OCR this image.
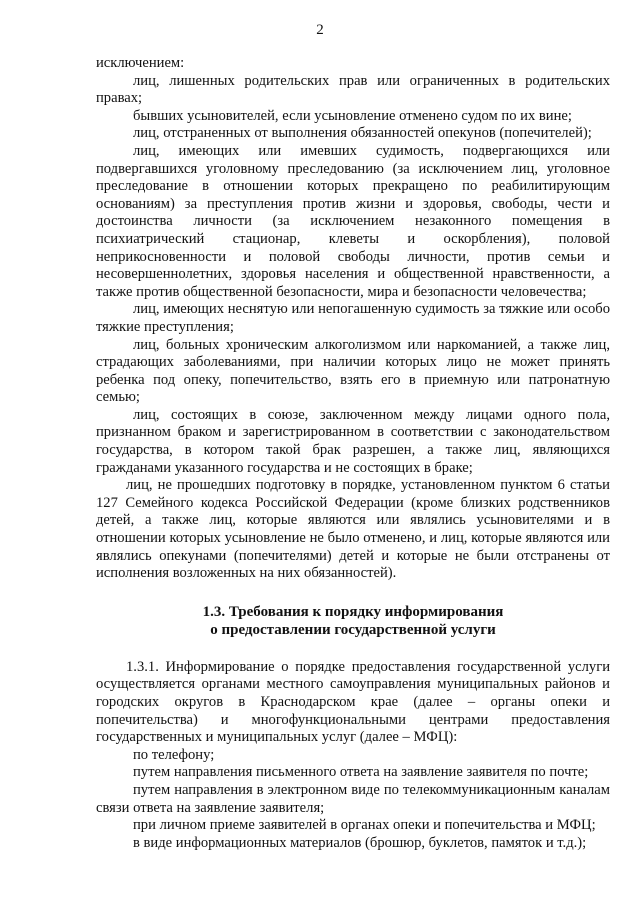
2

исключением:

лиц, лишенных родительских прав или ограниченных в родительских правах;

бывших усыновителей, если усыновление отменено судом по их вине;

лиц, отстраненных от выполнения обязанностей опекунов (попечителей);

лиц, имеющих или имевших судимость, подвергающихся или подвергавшихся уголовному преследованию (за исключением лиц, уголовное преследование в отношении которых прекращено по реабилитирующим основаниям) за преступления против жизни и здоровья, свободы, чести и достоинства личности (за исключением незаконного помещения в психиатрический стационар, клеветы и оскорбления), половой неприкосновенности и половой свободы личности, против семьи и несовершеннолетних, здоровья населения и общественной нравственности, а также против общественной безопасности, мира и безопасности человечества;

лиц, имеющих неснятую или непогашенную судимость за тяжкие или особо тяжкие преступления;

лиц, больных хроническим алкоголизмом или наркоманией, а также лиц, страдающих заболеваниями, при наличии которых лицо не может принять ребенка под опеку, попечительство, взять его в приемную или патронатную семью;

лиц, состоящих в союзе, заключенном между лицами одного пола, признанном браком и зарегистрированном в соответствии с законодательством государства, в котором такой брак разрешен, а также лиц, являющихся гражданами указанного государства и не состоящих в браке;

лиц, не прошедших подготовку в порядке, установленном пунктом 6 статьи 127 Семейного кодекса Российской Федерации (кроме близких родственников детей, а также лиц, которые являются или являлись усыновителями и в отношении которых усыновление не было отменено, и лиц, которые являются или являлись опекунами (попечителями) детей и которые не были отстранены от исполнения возложенных на них обязанностей).

1.3. Требования к порядку информирования
о предоставлении государственной услуги

1.3.1. Информирование о порядке предоставления государственной услуги осуществляется органами местного самоуправления муниципальных районов и городских округов в Краснодарском крае (далее – органы опеки и попечительства) и многофункциональными центрами предоставления государственных и муниципальных услуг (далее – МФЦ):

по телефону;

путем направления письменного ответа на заявление заявителя по почте;

путем направления в электронном виде по телекоммуникационным каналам связи ответа на заявление заявителя;

при личном приеме заявителей в органах опеки и попечительства и МФЦ;

в виде информационных материалов (брошюр, буклетов, памяток и т.д.);
